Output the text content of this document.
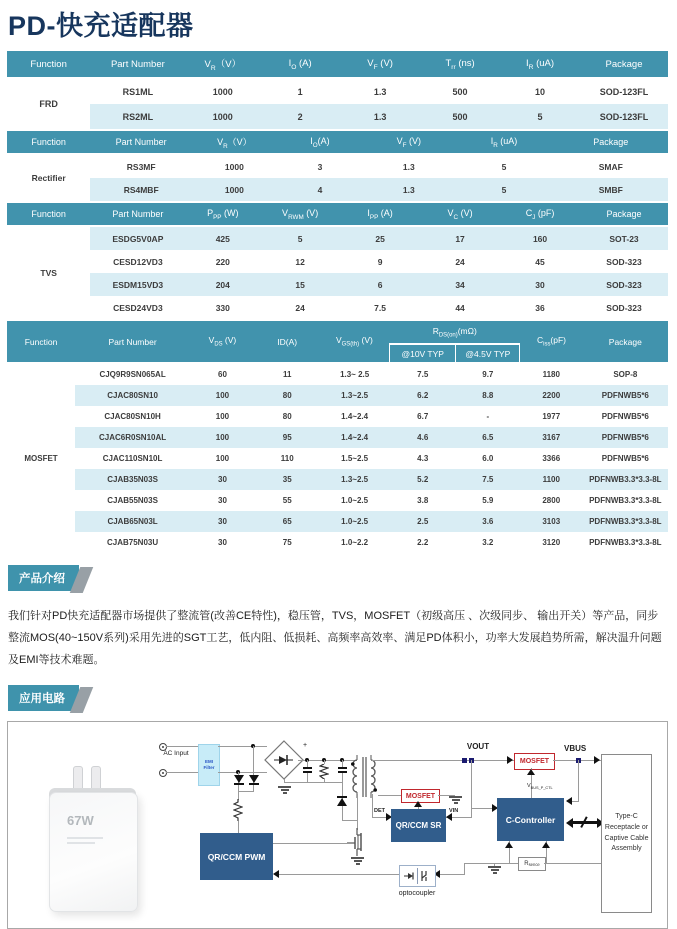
PD-快充适配器
Function	Part Number	$V_R(V)$	$I_O$ (A)	$V_F$ (V)	$T_{rr}$ (ns)	$I_R$ (uA)	Package
FRD	RS1ML	1000	1	1.3	500	10	SOD-123FL
	RS2ML	1000	2	1.3	500	5	SOD-123FL
Function	Part Number	$V_R(V)$	$I_O(A)$	$V_F$ (V)	$I_R$ (uA)	Package
Rectifier	RS3MF	1000	3	1.3	5	SMAF
	RS4MBF	1000	4	1.3	5	SMBF
Function	Part Number	$P_{PP}$ (W)	$V_{RWM}$ (V)	$I_{PP}$ (A)	$V_C$ (V)	$C_J$ (pF)	Package
TVS	ESDG5V0AP	425	5	25	17	160	SOT-23
	CESD12VD3	220	12	9	24	45	SOD-323
	ESDM15VD3	204	15	6	34	30	SOD-323
	CESD24VD3	330	24	7.5	44	36	SOD-323
Function	Part Number	$V_{DS}$ (V)	ID(A)	$V_{GS(th)}$ (V)	$R_{DS(on)}(m\Omega)$		$C_{iss}(pF)$	Package
					@10V TYP	@4.5V TYP		
MOSFET	CJQ9R9SN065AL	60	11	1.3~ 2.5	7.5	9.7	1180	SOP-8
	CJAC80SN10	100	80	1.3~2.5	6.2	8.8	2200	PDFNWB5*6
	CJAC80SN10H	100	80	1.4~2.4	6.7	-	1977	PDFNWB5*6
	CJAC6R0SN10AL	100	95	1.4~2.4	4.6	6.5	3167	PDFNWB5*6
	CJAC110SN10L	100	110	1.5~2.5	4.3	6.0	3366	PDFNWB5*6
	CJAB35N03S	30	35	1.3~2.5	5.2	7.5	1100	PDFNWB3.3*3.3-8L
	CJAB55N03S	30	55	1.0~2.5	3.8	5.9	2800	PDFNWB3.3*3.3-8L
	CJAB65N03L	30	65	1.0~2.5	2.5	3.6	3103	PDFNWB3.3*3.3-8L
	CJAB75N03U	30	75	1.0~2.2	2.2	3.2	3120	PDFNWB3.3*3.3-8L
产品介绍

我们针对PD快充适配器市场提供了整流管(改善CE特性)，稳压管，TVS，MOSFET（初级高压 、次级同步、 输出开关）等产品，同步整流MOS(40~150V系列)采用先进的SGT工艺，低内阻、低损耗、高频率高效率、满足PD体积小，功率大发展趋势所需，解决温升问题及EMI等技术难题。

应用电路
67W
AC Input
EMI Filter
+
QR/CCM PWM
DET
QR/CCM SR
VIN
MOSFET
VOUT
MOSFET
VBUS
$V_{BUS\_P\_CTL}$
C-Controller
R sence
Type-C Receptacle or Captive Cable Assembly
optocoupler
